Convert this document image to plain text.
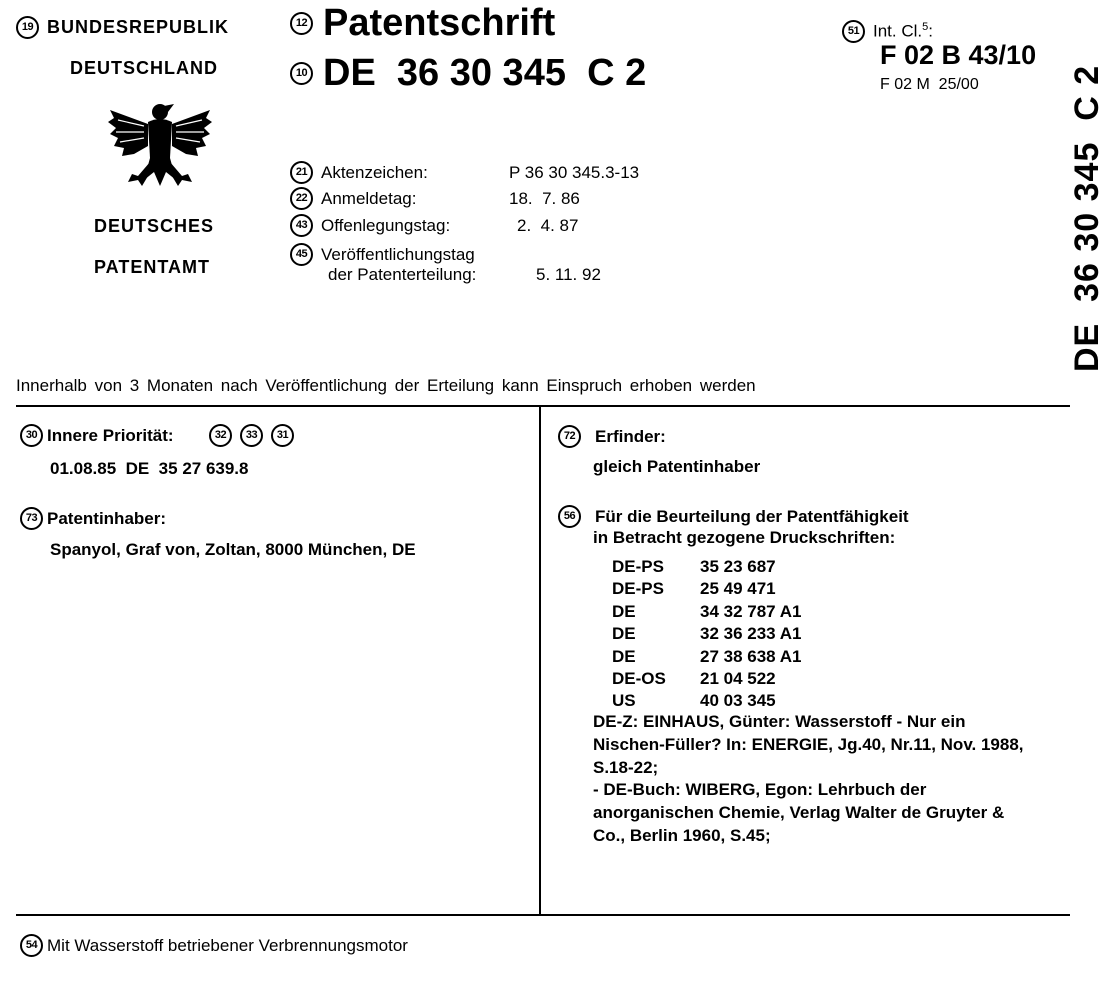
19 BUNDESREPUBLIK
DEUTSCHLAND
DEUTSCHES
PATENTAMT
12 Patentschrift
10 DE  36 30 345  C 2
51 Int. Cl.$^5$:
F 02 B 43/10
F 02 M  25/00	DE  36 30 345  C 2
21 Aktenzeichen:	P 36 30 345.3-13
22 Anmeldetag:	18.  7. 86
43 Offenlegungstag:	2.  4. 87
45 Veröffentlichungstag
der Patenterteilung:	5. 11. 92
Innerhalb von 3 Monaten nach Veröffentlichung der Erteilung kann Einspruch erhoben werden
30 Innere Priorität:	32	33	31
01.08.85  DE  35 27 639.8
73 Patentinhaber:
Spanyol, Graf von, Zoltan, 8000 München, DE
72	Erfinder:
gleich Patentinhaber
56	Für die Beurteilung der Patentfähigkeit
in Betracht gezogene Druckschriften:
DE-PS	35 23 687
DE-PS	25 49 471
DE	34 32 787 A1
DE	32 36 233 A1
DE	27 38 638 A1
DE-OS	21 04 522
US	40 03 345
DE-Z: EINHAUS, Günter: Wasserstoff - Nur ein
Nischen-Füller? In: ENERGIE, Jg.40, Nr.11, Nov. 1988,
S.18-22;
- DE-Buch: WIBERG, Egon: Lehrbuch der
anorganischen Chemie, Verlag Walter de Gruyter &
Co., Berlin 1960, S.45;
54 Mit Wasserstoff betriebener Verbrennungsmotor
